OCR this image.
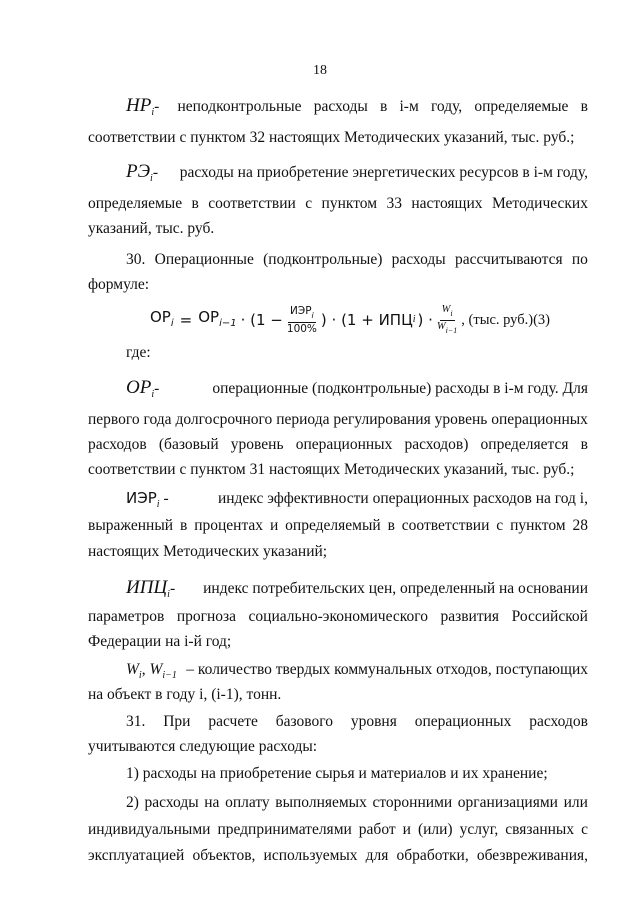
18
$НР_i-$ неподконтрольные расходы в i-м году, определяемые в
соответствии с пунктом 32 настоящих Методических указаний, тыс. руб.;
$РЭ_i-$ расходы на приобретение энергетических ресурсов в i-м году,
определяемые в соответствии с пунктом 33 настоящих Методических
указаний, тыс. руб.
30. Операционные (подконтрольные) расходы рассчитываются по
формуле:
$ОР_i = ОР_{i-1} \cdot (1 - \frac{ИЭР_i}{100\%}$ ) · (1 + ИПЦ i ) · $\frac{W_i}{W_{i-1}}$ , (тыс. руб.)(3)
где:
$ОР_i-$	операционные (подконтрольные) расходы в i-м году. Для
первого года долгосрочного периода регулирования уровень операционных
расходов (базовый уровень операционных расходов) определяется в
соответствии с пунктом 31 настоящих Методических указаний, тыс. руб.;
$ИЭР_i$ -	индекс эффективности операционных расходов на год i,
выраженный в процентах и определяемый в соответствии с пунктом 28
настоящих Методических указаний;
$ИПЦ_i-$ индекс потребительских цен, определенный на основании
параметров прогноза социально-экономического развития Российской
Федерации на i-й год;
$W_i$, $W_{i-1}$ – количество твердых коммунальных отходов, поступающих
на объект в году i, (i-1), тонн.
31. При расчете базового уровня операционных расходов
учитываются следующие расходы:
1) расходы на приобретение сырья и материалов и их хранение;
2) расходы на оплату выполняемых сторонними организациями или
индивидуальными предпринимателями работ и (или) услуг, связанных с
эксплуатацией объектов, используемых для обработки, обезвреживания,
